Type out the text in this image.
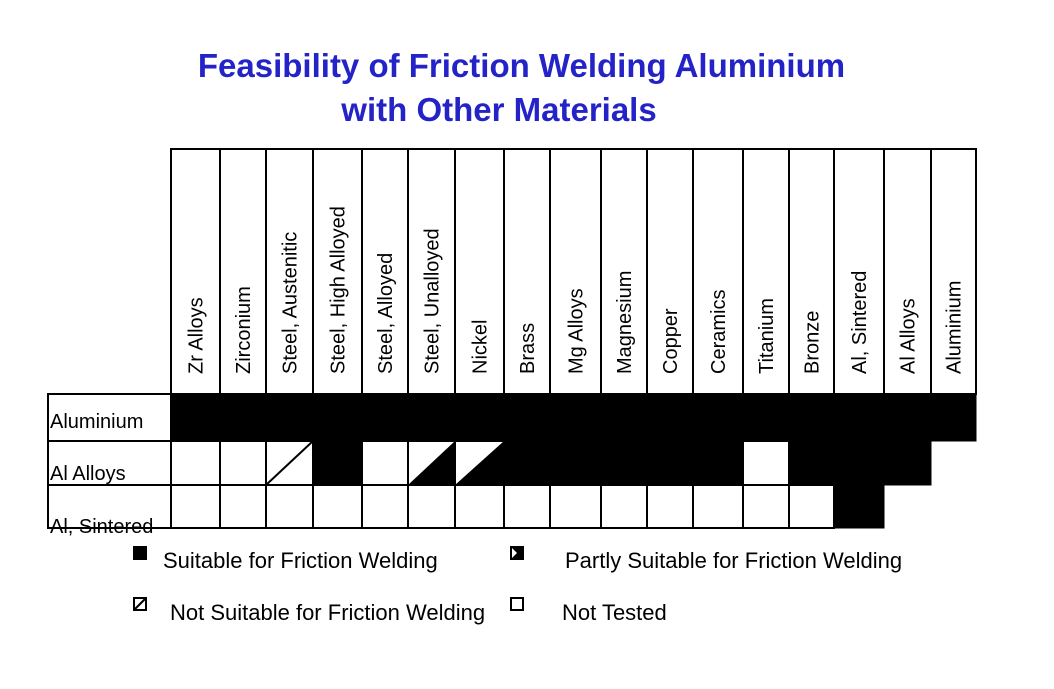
Feasibility of Friction Welding Aluminium
with Other Materials
Zr Alloys Zirconium Steel, Austenitic Steel, High Alloyed Steel, Alloyed Steel, Unalloyed Nickel Brass Mg Alloys Magnesium Copper Ceramics Titanium Bronze Al, Sintered Al Alloys Aluminium
Aluminium
Al Alloys
Al, Sintered
Suitable for Friction Welding	Partly Suitable for Friction Welding
Not Suitable for Friction Welding	Not Tested
